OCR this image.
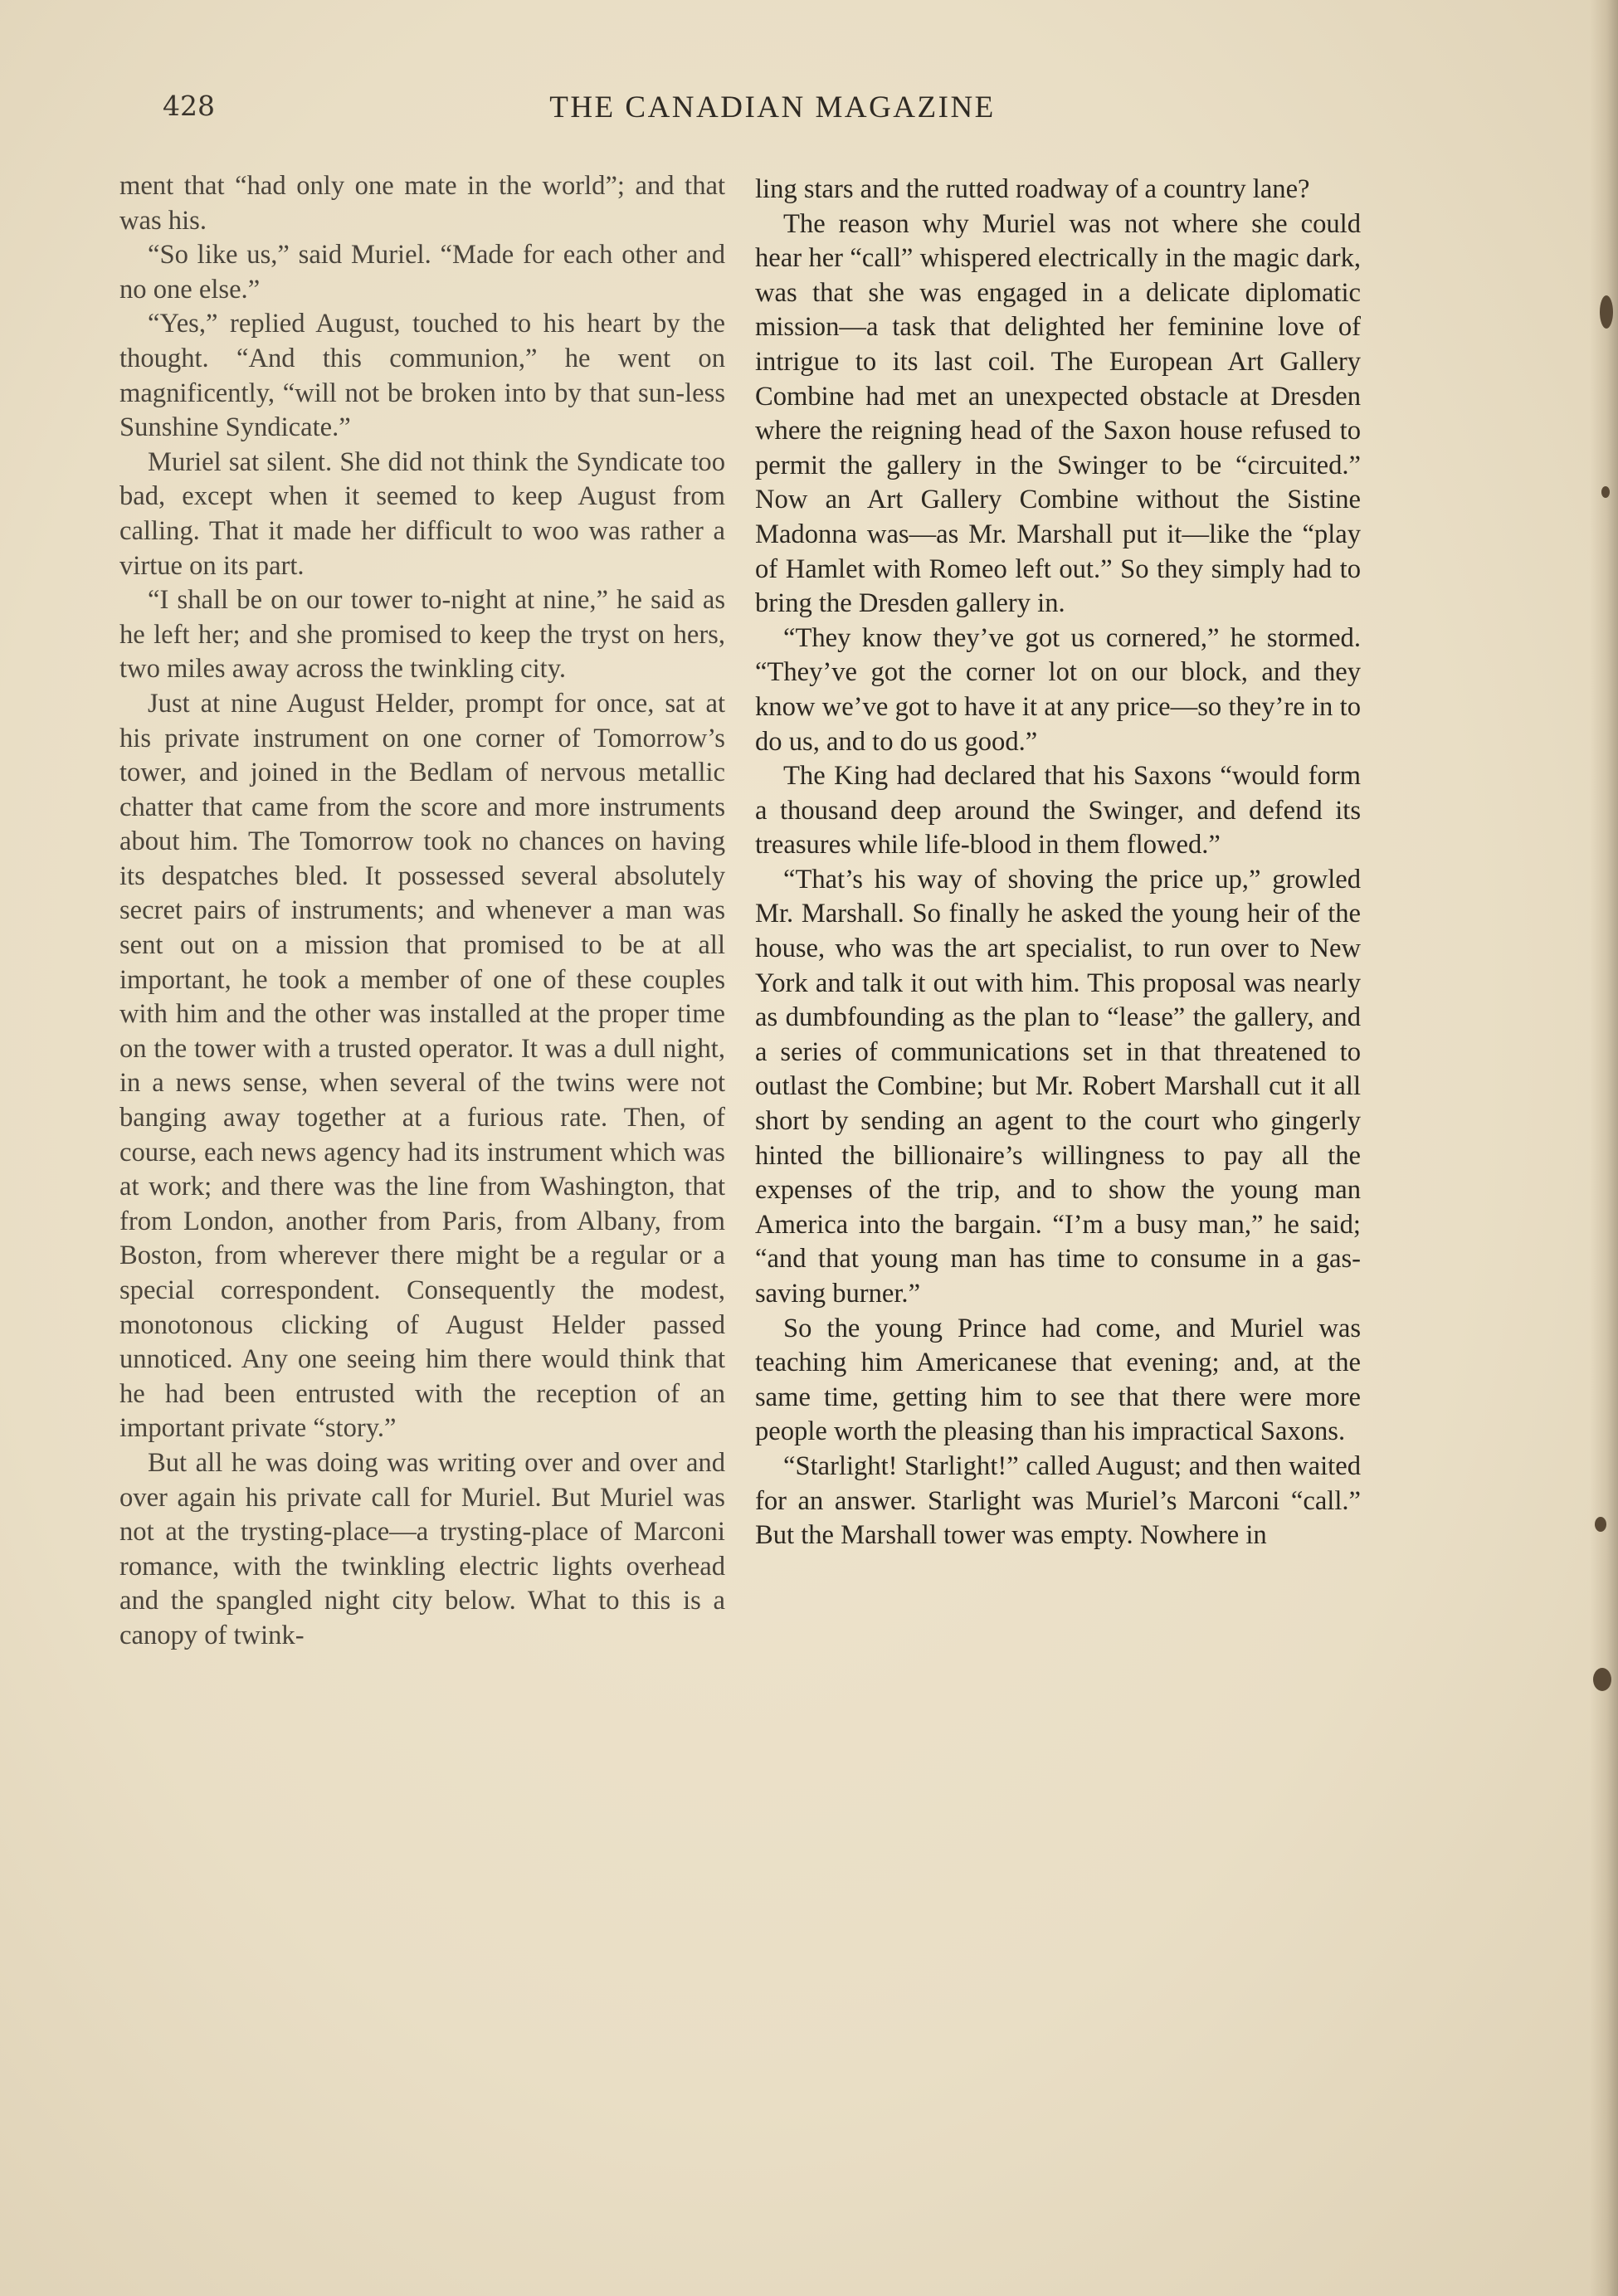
428	THE CANADIAN MAGAZINE

ment that “had only one mate in the world”; and that was his.

“So like us,” said Muriel. “Made for each other and no one else.”

“Yes,” replied August, touched to his heart by the thought. “And this communion,” he went on magnificently, “will not be broken into by that sun-less Sunshine Syndicate.”

Muriel sat silent. She did not think the Syndicate too bad, except when it seemed to keep August from calling. That it made her difficult to woo was rather a virtue on its part.

“I shall be on our tower to-night at nine,” he said as he left her; and she promised to keep the tryst on hers, two miles away across the twinkling city.

Just at nine August Helder, prompt for once, sat at his private instrument on one corner of Tomorrow’s tower, and joined in the Bedlam of nervous metallic chatter that came from the score and more instruments about him. The Tomorrow took no chances on having its despatches bled. It possessed several absolutely secret pairs of instruments; and whenever a man was sent out on a mission that promised to be at all important, he took a member of one of these couples with him and the other was installed at the proper time on the tower with a trusted operator. It was a dull night, in a news sense, when several of the twins were not banging away together at a furious rate. Then, of course, each news agency had its instrument which was at work; and there was the line from Washington, that from London, another from Paris, from Albany, from Boston, from wherever there might be a regular or a special correspondent. Consequently the modest, monotonous clicking of August Helder passed unnoticed. Any one seeing him there would think that he had been entrusted with the reception of an important private “story.”

But all he was doing was writing over and over and over again his private call for Muriel. But Muriel was not at the trysting-place—a trysting-place of Marconi romance, with the twinkling electric lights overhead and the spangled night city below. What to this is a canopy of twink-

ling stars and the rutted roadway of a country lane?

The reason why Muriel was not where she could hear her “call” whispered electrically in the magic dark, was that she was engaged in a delicate diplomatic mission—a task that delighted her feminine love of intrigue to its last coil. The European Art Gallery Combine had met an unexpected obstacle at Dresden where the reigning head of the Saxon house refused to permit the gallery in the Swinger to be “circuited.” Now an Art Gallery Combine without the Sistine Madonna was—as Mr. Marshall put it—like the “play of Hamlet with Romeo left out.” So they simply had to bring the Dresden gallery in.

“They know they’ve got us cornered,” he stormed. “They’ve got the corner lot on our block, and they know we’ve got to have it at any price—so they’re in to do us, and to do us good.”

The King had declared that his Saxons “would form a thousand deep around the Swinger, and defend its treasures while life-blood in them flowed.”

“That’s his way of shoving the price up,” growled Mr. Marshall. So finally he asked the young heir of the house, who was the art specialist, to run over to New York and talk it out with him. This proposal was nearly as dumbfounding as the plan to “lease” the gallery, and a series of communications set in that threatened to outlast the Combine; but Mr. Robert Marshall cut it all short by sending an agent to the court who gingerly hinted the billionaire’s willingness to pay all the expenses of the trip, and to show the young man America into the bargain. “I’m a busy man,” he said; “and that young man has time to consume in a gas-saving burner.”

So the young Prince had come, and Muriel was teaching him Americanese that evening; and, at the same time, getting him to see that there were more people worth the pleasing than his impractical Saxons.

“Starlight! Starlight!” called August; and then waited for an answer. Starlight was Muriel’s Marconi “call.” But the Marshall tower was empty. Nowhere in
